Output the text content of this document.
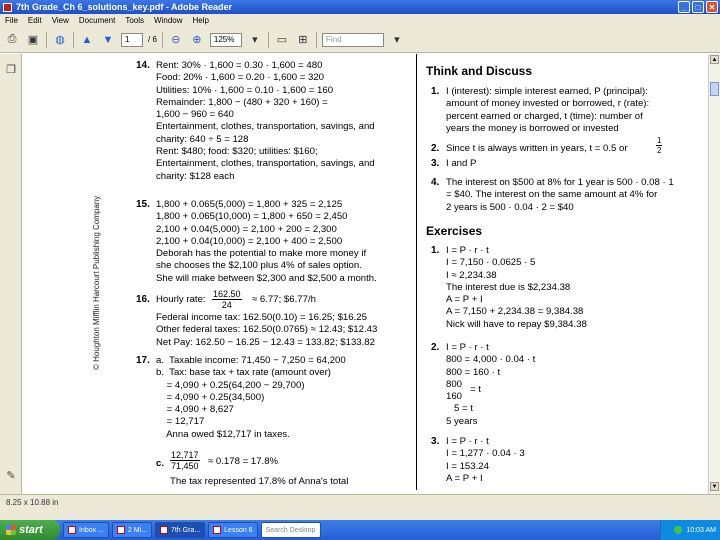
7th Grade_Ch 6_solutions_key.pdf - Adobe Reader	_	□	✕
File Edit View Document Tools Window Help
⎙	▣ ◍ ▲ ▼	1	/ 6	⊖	⊕	125%	▾	▭	⊞	Find	▾
❐
✎
14. Rent: 30% · 1,600 = 0.30 · 1,600 = 480
Food: 20% · 1,600 = 0.20 · 1,600 = 320
Utilities: 10% · 1,600 = 0.10 · 1,600 = 160
Remainder: 1,800 − (480 + 320 + 160) =
1,600 − 960 = 640
Entertainment, clothes, transportation, savings, and
charity: 640 ÷ 5 = 128
Rent: $480; food: $320; utilities: $160;
Entertainment, clothes, transportation, savings, and
charity: $128 each
15. 1,800 + 0.065(5,000) = 1,800 + 325 = 2,125
1,800 + 0.065(10,000) = 1,800 + 650 = 2,450
2,100 + 0.04(5,000) = 2,100 + 200 = 2,300
2,100 + 0.04(10,000) = 2,100 + 400 = 2,500
Deborah has the potential to make more money if
she chooses the $2,100 plus 4% of sales option.
She will make between $2,300 and $2,500 a month.
16. Hourly rate: $\frac{162.50}{24} \approx 6.77$; $6.77/h
Federal income tax: 162.50(0.10) = 16.25; $16.25
Other federal taxes: 162.50(0.0765) ≈ 12.43; $12.43
Net Pay: 162.50 − 16.25 − 12.43 = 133.82; $133.82
17. a.  Taxable income: 71,450 − 7,250 = 64,200
b.  Tax: base tax + tax rate (amount over)
= 4,090 + 0.25(64,200 − 29,700)
= 4,090 + 0.25(34,500)
= 4,090 + 8,627
= 12,717
Anna owed $12,717 in taxes.
c. $\frac{12,717}{71,450} \approx 0.178 = 17.8\%$
The tax represented 17.8% of Anna's total
© Houghton Mifflin Harcourt Publishing Company
Think and Discuss
1. I (interest): simple interest earned, P (principal):
amount of money invested or borrowed, r (rate):
percent earned or charged, t (time): number of
years the money is borrowed or invested
2. Since t is always written in years, t = 0.5 or	$\frac{1}{2}$
3. I and P
4. The interest on $500 at 8% for 1 year is 500 · 0.08 · 1
= $40. The interest on the same amount at 4% for
2 years is 500 · 0.04 · 2 = $40
Exercises
1. I = P · r · t
I = 7,150 · 0.0625 · 5
I ≈ 2,234.38
The interest due is $2,234.38
A = P + I
A = 7,150 + 2,234.38 = 9,384.38
Nick will have to repay $9,384.38
2. I = P · r · t
800 = 4,000 · 0.04 · t
800 = 160 · t
800
160
5 = t
5 years
= t
3. I = P · r · t
I = 1,277 · 0.04 · 3
I = 153.24
A = P + I
▲
▼
8.25 x 10.88 in
start	Inbox ...	2 Mi...	7th Gra...	Lesson 6	Search Desktop	10:03 AM
